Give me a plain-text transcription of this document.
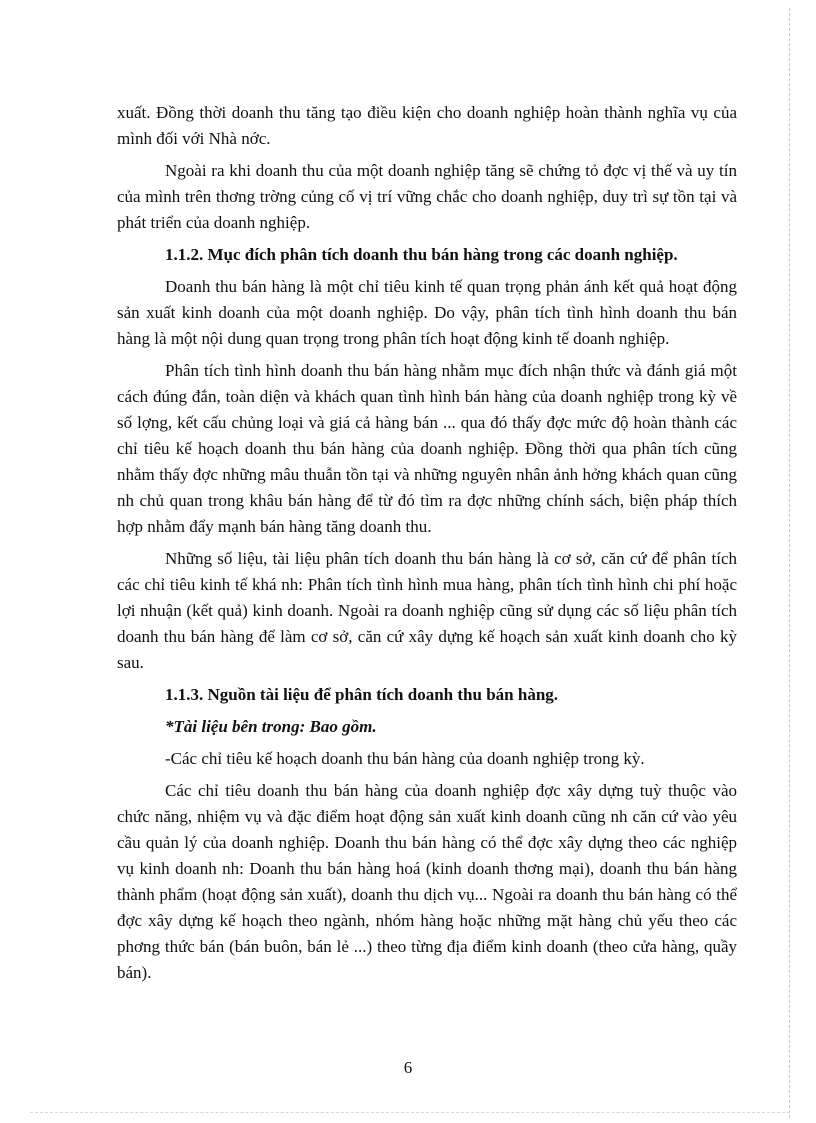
xuất. Đồng thời doanh thu tăng tạo điều kiện cho doanh nghiệp hoàn thành nghĩa vụ của mình đối với Nhà nớc.

Ngoài ra khi doanh thu của một doanh nghiệp tăng sẽ chứng tỏ đợc vị thế và uy tín của mình trên thơng trờng củng cố vị trí vững chắc cho doanh nghiệp, duy trì sự tồn tại và phát triển của doanh nghiệp.

1.1.2. Mục đích phân tích doanh thu bán hàng trong các doanh nghiệp.

Doanh thu bán hàng là một chỉ tiêu kinh tế quan trọng phản ánh kết quả hoạt động sản xuất kinh doanh của một doanh nghiệp. Do vậy, phân tích tình hình doanh thu bán hàng là một nội dung quan trọng trong phân tích hoạt động kinh tế doanh nghiệp.

Phân tích tình hình doanh thu bán hàng nhằm mục đích nhận thức và đánh giá một cách đúng đắn, toàn diện và khách quan tình hình bán hàng của doanh nghiệp trong kỳ về số lợng, kết cấu chủng loại và giá cả hàng bán ... qua đó thấy đợc mức độ hoàn thành các chỉ tiêu kế hoạch doanh thu bán hàng của doanh nghiệp. Đồng thời qua phân tích cũng nhằm thấy đợc những mâu thuẫn tồn tại và những nguyên nhân ảnh hởng khách quan cũng nh chủ quan trong khâu bán hàng để từ đó tìm ra đợc những chính sách, biện pháp thích hợp nhằm đẩy mạnh bán hàng tăng doanh thu.

Những số liệu, tài liệu phân tích doanh thu bán hàng là cơ sở, căn cứ để phân tích các chỉ tiêu kinh tế khá nh: Phân tích tình hình mua hàng, phân tích tình hình chi phí hoặc lợi nhuận (kết quả) kinh doanh. Ngoài ra doanh nghiệp cũng sử dụng các số liệu phân tích doanh thu bán hàng để làm cơ sở, căn cứ xây dựng kế hoạch sản xuất kinh doanh cho kỳ sau.

1.1.3. Nguồn tài liệu để phân tích doanh thu bán hàng.

*Tài liệu bên trong: Bao gồm.

-Các chỉ tiêu kế hoạch doanh thu bán hàng của doanh nghiệp trong kỳ.

Các chỉ tiêu doanh thu bán hàng của doanh nghiệp đợc xây dựng tuỳ thuộc vào chức năng, nhiệm vụ và đặc điểm hoạt động sản xuất kinh doanh cũng nh căn cứ vào yêu cầu quản lý của doanh nghiệp. Doanh thu bán hàng có thể đợc xây dựng theo các nghiệp vụ kinh doanh nh: Doanh thu bán hàng hoá (kinh doanh thơng mại), doanh thu bán hàng thành phẩm (hoạt động sản xuất), doanh thu dịch vụ... Ngoài ra doanh thu bán hàng có thể đợc xây dựng kế hoạch theo ngành, nhóm hàng hoặc những mặt hàng chủ yếu theo các phơng thức bán (bán buôn, bán lẻ ...) theo từng địa điểm kinh doanh (theo cửa hàng, quầy bán).

6
